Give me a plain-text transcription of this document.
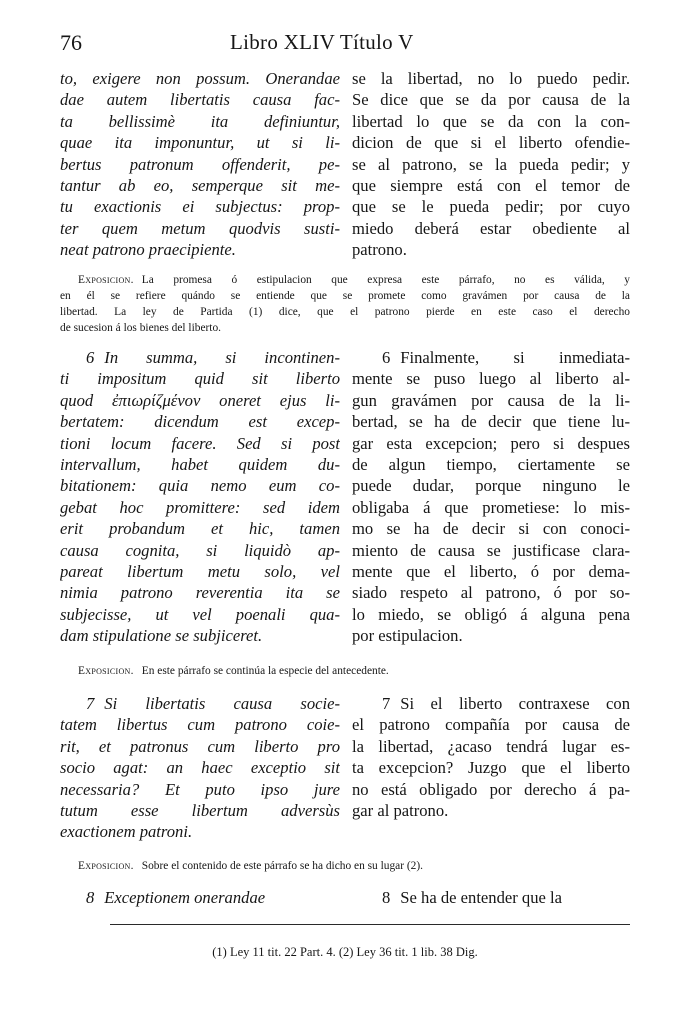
76	Libro XLIV Título V
to, exigere non possum. Onerandae
dae autem libertatis causa fac-
ta bellissimè ita definiuntur,
quae ita imponuntur, ut si li-
bertus patronum offenderit, pe-
tantur ab eo, semperque sit me-
tu exactionis ei subjectus: prop-
ter quem metum quodvis susti-
neat patrono praecipiente.
se la libertad, no lo puedo pedir.
Se dice que se da por causa de la
libertad lo que se da con la con-
dicion de que si el liberto ofendie-
se al patrono, se la pueda pedir; y
que siempre está con el temor de
que se le pueda pedir; por cuyo
miedo deberá estar obediente al
patrono.
Exposicion. La promesa ó estipulacion que expresa este párrafo, no es válida, y
en él se refiere quándo se entiende que se promete como gravámen por causa de la
libertad. La ley de Partida (1) dice, que el patrono pierde en este caso el derecho
de sucesion á los bienes del liberto.
6 In summa, si incontinen-
ti impositum quid sit liberto
quod ἐπιωρίζμένον oneret ejus li-
bertatem: dicendum est excep-
tioni locum facere. Sed si post
intervallum, habet quidem du-
bitationem: quia nemo eum co-
gebat hoc promittere: sed idem
erit probandum et hic, tamen
causa cognita, si liquidò ap-
pareat libertum metu solo, vel
nimia patrono reverentia ita se
subjecisse, ut vel poenali qua-
dam stipulatione se subjiceret.
6 Finalmente, si inmediata-
mente se puso luego al liberto al-
gun gravámen por causa de la li-
bertad, se ha de decir que tiene lu-
gar esta excepcion; pero si despues
de algun tiempo, ciertamente se
puede dudar, porque ninguno le
obligaba á que prometiese: lo mis-
mo se ha de decir si con conoci-
miento de causa se justificase clara-
mente que el liberto, ó por dema-
siado respeto al patrono, ó por so-
lo miedo, se obligó á alguna pena
por estipulacion.
Exposicion. En este párrafo se continúa la especie del antecedente.
7 Si libertatis causa socie-
tatem libertus cum patrono coie-
rit, et patronus cum liberto pro
socio agat: an haec exceptio sit
necessaria? Et puto ipso jure
tutum esse libertum adversùs
exactionem patroni.
7 Si el liberto contraxese con
el patrono compañía por causa de
la libertad, ¿acaso tendrá lugar es-
ta excepcion? Juzgo que el liberto
no está obligado por derecho á pa-
gar al patrono.
Exposicion. Sobre el contenido de este párrafo se ha dicho en su lugar (2).
8 Exceptionem onerandae	8 Se ha de entender que la
(1) Ley 11 tit. 22 Part. 4. (2) Ley 36 tit. 1 lib. 38 Dig.
